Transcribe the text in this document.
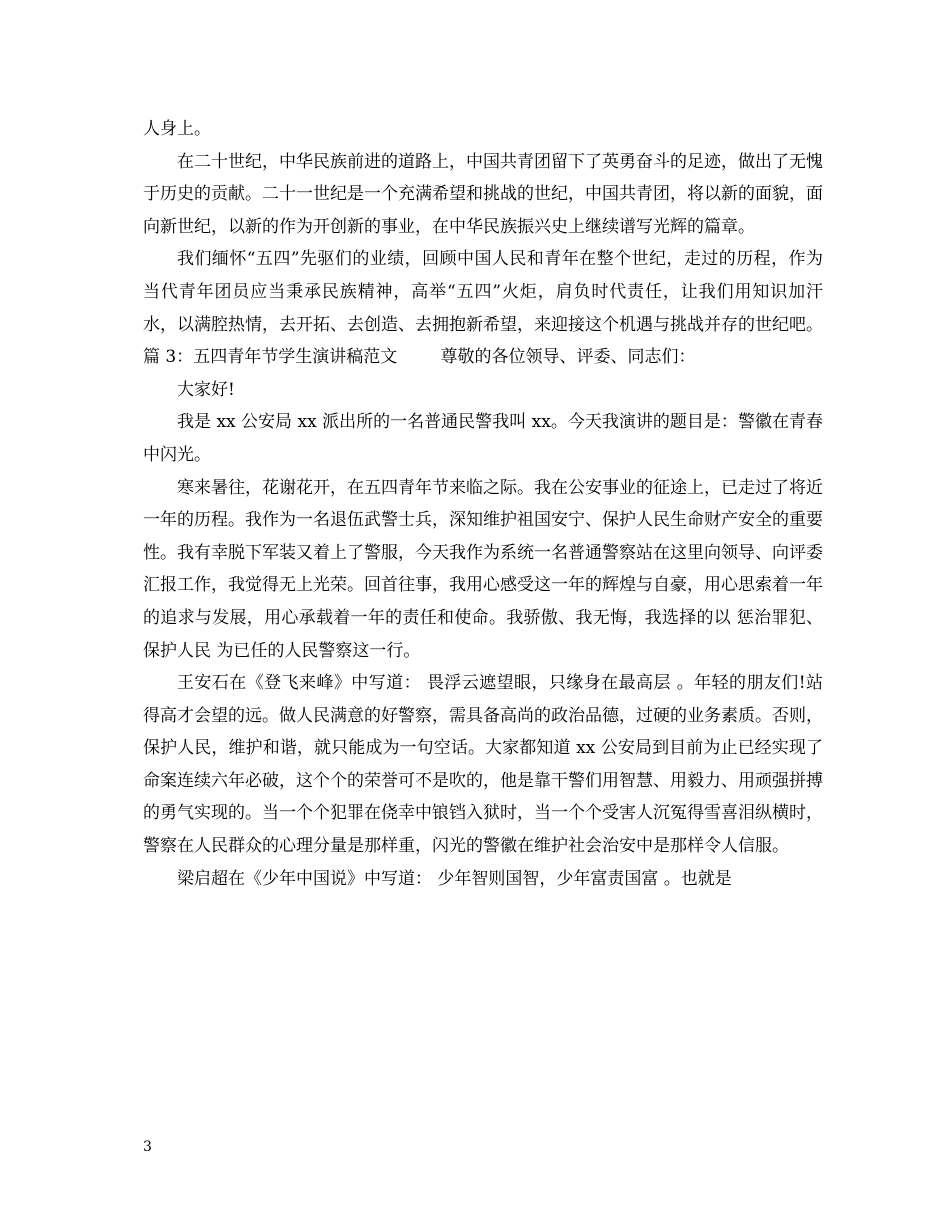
人身上。

在二十世纪，中华民族前进的道路上，中国共青团留下了英勇奋斗的足迹，做出了无愧于历史的贡献。二十一世纪是一个充满希望和挑战的世纪，中国共青团，将以新的面貌，面向新世纪，以新的作为开创新的事业，在中华民族振兴史上继续谱写光辉的篇章。

我们缅怀“五四”先驱们的业绩，回顾中国人民和青年在整个世纪，走过的历程，作为当代青年团员应当秉承民族精神，高举“五四”火炬，肩负时代责任，让我们用知识加汗水，以满腔热情，去开拓、去创造、去拥抱新希望，来迎接这个机遇与挑战并存的世纪吧。

篇 3：五四青年节学生演讲稿范文        尊敬的各位领导、评委、同志们：

大家好!

我是 xx 公安局 xx 派出所的一名普通民警我叫 xx。今天我演讲的题目是：警徽在青春中闪光。

寒来暑往，花谢花开，在五四青年节来临之际。我在公安事业的征途上，已走过了将近一年的历程。我作为一名退伍武警士兵，深知维护祖国安宁、保护人民生命财产安全的重要性。我有幸脱下军装又着上了警服，今天我作为系统一名普通警察站在这里向领导、向评委汇报工作，我觉得无上光荣。回首往事，我用心感受这一年的辉煌与自豪，用心思索着一年的追求与发展，用心承载着一年的责任和使命。我骄傲、我无悔，我选择的以 惩治罪犯、保护人民 为已任的人民警察这一行。

王安石在《登飞来峰》中写道： 畏浮云遮望眼，只缘身在最高层 。年轻的朋友们!站得高才会望的远。做人民满意的好警察，需具备高尚的政治品德，过硬的业务素质。否则，保护人民，维护和谐，就只能成为一句空话。大家都知道 xx 公安局到目前为止已经实现了命案连续六年必破，这个个的荣誉可不是吹的，他是靠干警们用智慧、用毅力、用顽强拼搏的勇气实现的。当一个个犯罪在侥幸中锒铛入狱时，当一个个受害人沉冤得雪喜泪纵横时，警察在人民群众的心理分量是那样重，闪光的警徽在维护社会治安中是那样令人信服。

梁启超在《少年中国说》中写道： 少年智则国智，少年富责国富 。也就是

3
